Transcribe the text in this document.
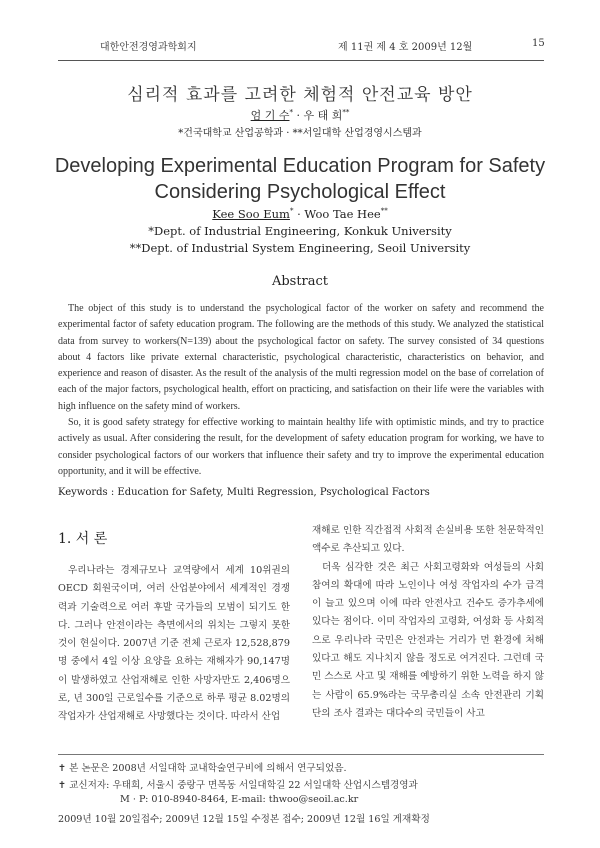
대한안전경영과학회지	제 11권 제 4 호 2009년 12월	15
심리적 효과를 고려한 체험적 안전교육 방안
엄 기 수* · 우 태 희**
*건국대학교 산업공학과 · **서일대학 산업경영시스템과
Developing Experimental Education Program for Safety
Considering Psychological Effect
Kee Soo Eum* · Woo Tae Hee**
*Dept. of Industrial Engineering, Konkuk University
**Dept. of Industrial System Engineering, Seoil University
Abstract

The object of this study is to understand the psychological factor of the worker on safety and recommend the experimental factor of safety education program. The following are the methods of this study. We analyzed the statistical data from survey to workers(N=139) about the psychological factor on safety. The survey consisted of 34 questions about 4 factors like private external characteristic, psychological characteristic, characteristics on behavior, and experience and reason of disaster. As the result of the analysis of the multi regression model on the base of correlation of each of the major factors, psychological health, effort on practicing, and satisfaction on their life were the variables with high influence on the safety mind of workers.

So, it is good safety strategy for effective working to maintain healthy life with optimistic minds, and try to practice actively as usual. After considering the result, for the development of safety education program for working, we have to consider psychological factors of our workers that influence their safety and try to improve the experimental education opportunity, and it will be effective.

Keywords : Education for Safety, Multi Regression, Psychological Factors
1. 서 론

우리나라는 경제규모나 교역량에서 세계 10위권의 OECD 회원국이며, 여러 산업분야에서 세계적인 경쟁력과 기술력으로 여러 후발 국가들의 모범이 되기도 한다. 그러나 안전이라는 측면에서의 위치는 그렇지 못한 것이 현실이다. 2007년 기준 전체 근로자 12,528,879명 중에서 4일 이상 요양을 요하는 재해자가 90,147명이 발생하였고 산업재해로 인한 사망자만도 2,406명으로, 년 300일 근로일수를 기준으로 하루 평균 8.02명의 작업자가 산업재해로 사망했다는 것이다. 따라서 산업

재해로 인한 직간접적 사회적 손실비용 또한 천문학적인 액수로 추산되고 있다.

더욱 심각한 것은 최근 사회고령화와 여성들의 사회참여의 확대에 따라 노인이나 여성 작업자의 수가 급격이 늘고 있으며 이에 따라 안전사고 건수도 증가추세에 있다는 점이다. 이미 작업자의 고령화, 여성화 등 사회적으로 우리나라 국민은 안전과는 거리가 먼 환경에 처해 있다고 해도 지나치지 않을 정도로 여겨진다. 그런데 국민 스스로 사고 및 재해를 예방하기 위한 노력을 하지 않는 사람이 65.9%라는 국무총리실 소속 안전관리 기획단의 조사 결과는 대다수의 국민들이 사고

✝ 본 논문은 2008년 서일대학 교내학술연구비에 의해서 연구되었음.
✝ 교신저자: 우태희, 서울시 중랑구 면목동 서일대학길 22 서일대학 산업시스템경영과
M · P: 010-8940-8464, E-mail: thwoo@seoil.ac.kr
2009년 10월 20일접수; 2009년 12월 15일 수정본 접수; 2009년 12월 16일 게재확정
